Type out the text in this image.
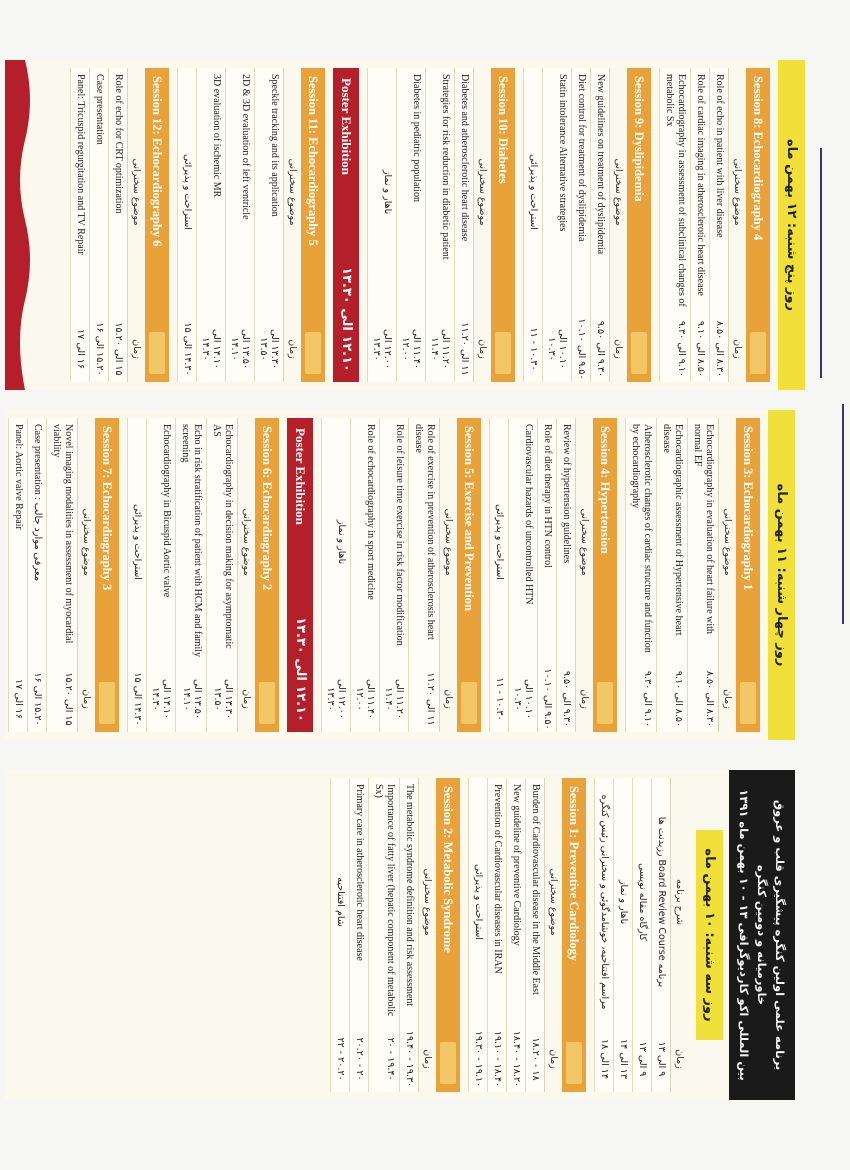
روز پنج شنبه: ۱۲ بهمن ماه
Session 8: Echocardiography 4
موضوع سخنرانی
زمان
Role of echo in patient with liver disease
۸.۳۰ الی ۸.۵۰
Role of cardiac imaging in atherosclerotic heart disease
۸.۵۰ الی ۹.۱۰
Echocardiography in assessment of subclinical changes of metabolic Sx
۹.۱۰ الی ۹.۳۰
Session 9: Dyslipidemia
موضوع سخنرانی
زمان
New guidelines on treatment of dyslipidemia
۹.۳۰ الی ۹.۵۰
Diet control for treatment of dyslipidemia
۹.۵۰ الی ۱۰.۱۰
Statin intolerance Alternative strategies
۱۰.۱۰ الی ۱۰.۳۰
استراحت و پذیرائی
۱۰.۳۰ - ۱۱
Session 10: Diabetes
موضوع سخنرانی
زمان
Diabetes and atherosclerotic heart disease
۱۱ الی ۱۱.۲۰
Strategies for risk reduction in diabetic patient
۱۱.۲۰ الی ۱۱.۴۰
Diabetes in pediatric population
۱۱.۴۰ الی ۱۲.۰۰
ناهار و نماز
۱۲.۰۰ الی ۱۳.۳۰
Poster Exhibition
۱۲.۱۰ الی ۱۳.۳۰
Session 11: Echocardiography 5
موضوع سخنرانی
زمان
Speckle tracking and its application
۱۳.۳۰ الی ۱۳.۵۰
2D & 3D evaluation of left ventricle
۱۳.۵۰ الی ۱۴.۱۰
3D evaluation of ischemic MR
۱۴.۱۰ الی ۱۴.۳۰
استراحت و پذیرائی
۱۴.۳۰ الی ۱۵
Session 12: Echocardiography 6
موضوع سخنرانی
زمان
Role of echo for CRT optimization
۱۵ الی ۱۵.۲۰
Case presentation
۱۵.۲۰ الی ۱۶
Panel: Tricuspid regurgitation and TV Repair
۱۶ الی ۱۷
روز چهار شنبه: ۱۱ بهمن ماه
Session 3: Echocardiography 1
موضوع سخنرانی
زمان
Echocardiography in evaluation of heart failure with normal EF
۸.۳۰ الی ۸.۵۰
Echocardiographic assessment of Hypertensive heart disease
۸.۵۰ الی ۹.۱۰
Atherosclerotic changes of cardiac structure and function by echocardiography
۹.۱۰ الی ۹.۳۰
Session 4: Hypertension
موضوع سخنرانی
زمان
Review of hypertension guidelines
۹.۳۰ الی ۹.۵۰
Role of diet therapy in HTN control
۹.۵۰ الی ۱۰.۱۰
Cardiovascular hazards of uncontrolled HTN
۱۰.۱۰ الی ۱۰.۳۰
استراحت و پذیرائی
۱۰.۳۰ - ۱۱
Session 5: Exercise and Prevention
موضوع سخنرانی
زمان
Role of exercise in prevention of atherosclerosis heart disease
۱۱ الی ۱۱.۲۰
Role of leisure time exercise in risk factor modification
۱۱.۲۰ الی ۱۱.۴۰
Role of echocardiography in sport medicine
۱۱.۴۰ الی ۱۲.۰۰
ناهار و نماز
۱۲.۰۰ الی ۱۳.۳۰
Poster Exhibition
۱۲.۱۰ الی ۱۳.۳۰
Session 6: Echocardiography 2
موضوع سخنرانی
زمان
Echocardiography in decision making for asymptomatic AS
۱۳.۳۰ الی ۱۳.۵۰
Echo in risk stratification of patient with HCM and family screening
۱۳.۵۰ الی ۱۴.۱۰
Echocardiography in Bicuspid Aortic valve
۱۴.۱۰ الی ۱۴.۳۰
استراحت و پذیرائی
۱۴.۳۰ الی ۱۵
Session 7: Echocardiography 3
موضوع سخنرانی
زمان
Novel imaging modalities in assessment of myocardial viability
۱۵ الی ۱۵.۲۰
Case presentation : معرفی موارد جالب
۱۵.۲۰ الی ۱۶
Panel: Aortic valve Repair
۱۶ الی ۱۷
برنامه علمی اولین کنگره پیشگیری قلب و عروق خاورمیانه و دومین کنگره
بین المللی اکو کاردیوگرافی ۱۳ - ۱۰ بهمن ماه ۱۳۹۱
روز سه شنبه: ۱۰ بهمن ماه
شرح برنامه
زمان
برنامه Board Review Course رزیدنت ها
۹ الی ۱۳
کارگاه مقاله نویسی
۹ الی ۱۳
ناهار و نماز
۱۳ الی ۱۴
مراسم افتتاحیه، خوشامدگوئی و سخنرانی رئیس کنگره
۱۴ الی ۱۸
Session 1: Preventive Cardiology
موضوع سخنرانی
زمان
Burden of Cardiovascular disease in the Middle East
۱۸ - ۱۸.۲۰
New guideline of preventive Cardiology
۱۸.۲۰ - ۱۸.۴۰
Prevention of Cardiovascular diseases in IRAN
۱۸.۴۰ - ۱۹.۱۰
استراحت و پذیرائی
۱۹.۱۰ - ۱۹.۳۰
Session 2: Metabolic Syndrome
موضوع سخنرانی
زمان
The metabolic syndrome definition and risk assessment
۱۹.۳۰ - ۱۹.۴۰
Importance of fatty liver (hepatic component of metabolic Sx)
۱۹.۴۰ - ۲۰
Primary care in atherosclerotic heart disease
۲۰ - ۲۰.۲۰
شام افتتاحیه
۲۰.۲۰ - ۲۲
